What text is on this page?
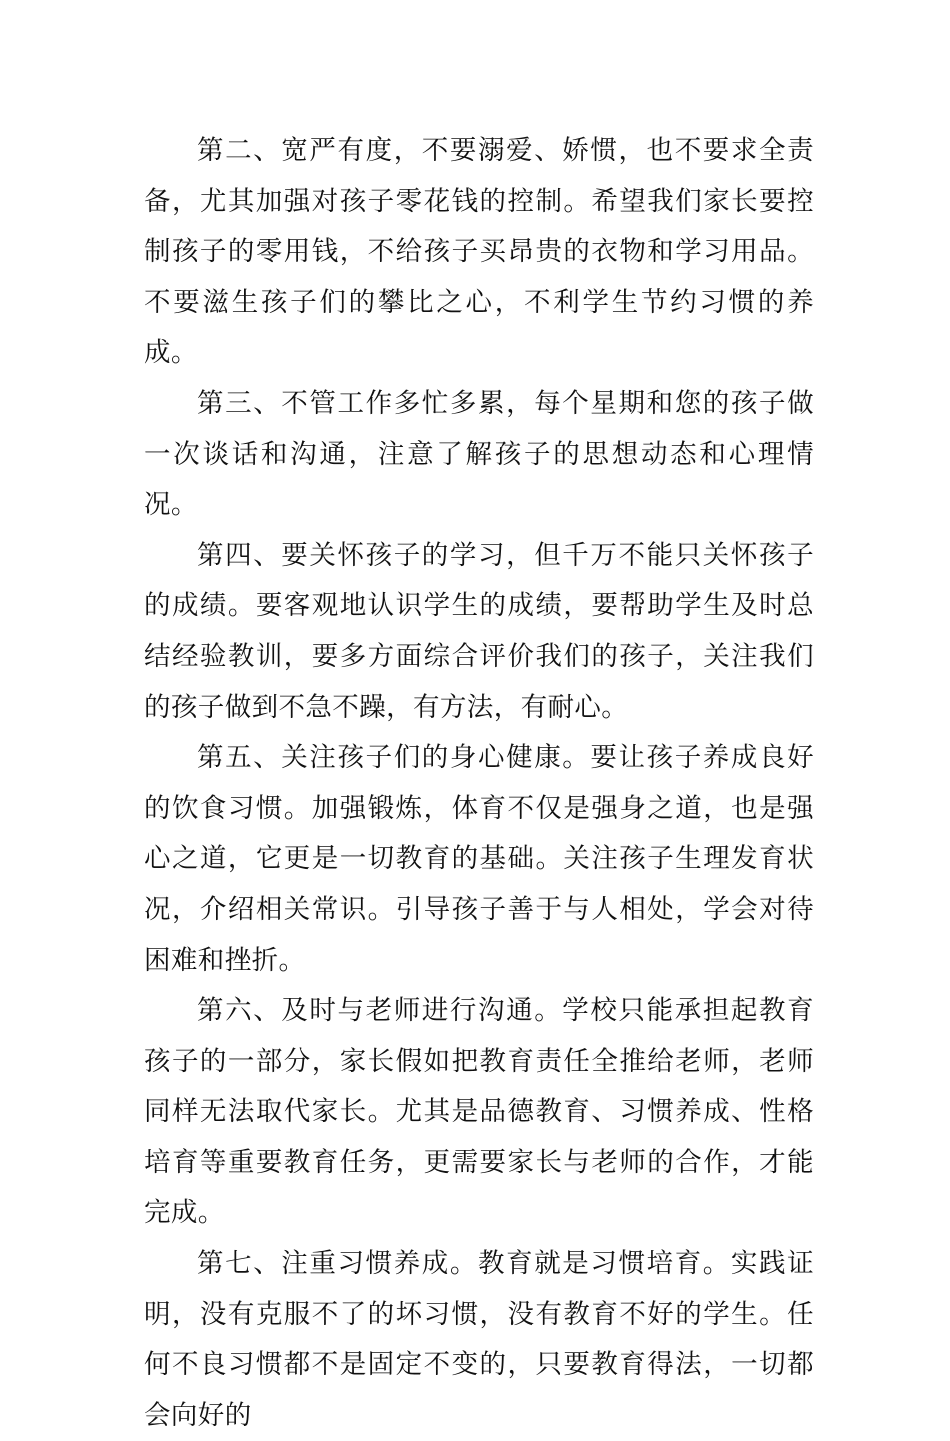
第二、宽严有度，不要溺爱、娇惯，也不要求全责备，尤其加强对孩子零花钱的控制。希望我们家长要控制孩子的零用钱，不给孩子买昂贵的衣物和学习用品。不要滋生孩子们的攀比之心，不利学生节约习惯的养成。

第三、不管工作多忙多累，每个星期和您的孩子做一次谈话和沟通，注意了解孩子的思想动态和心理情况。

第四、要关怀孩子的学习，但千万不能只关怀孩子的成绩。要客观地认识学生的成绩，要帮助学生及时总结经验教训，要多方面综合评价我们的孩子，关注我们的孩子做到不急不躁，有方法，有耐心。

第五、关注孩子们的身心健康。要让孩子养成良好的饮食习惯。加强锻炼，体育不仅是强身之道，也是强心之道，它更是一切教育的基础。关注孩子生理发育状况，介绍相关常识。引导孩子善于与人相处，学会对待困难和挫折。

第六、及时与老师进行沟通。学校只能承担起教育孩子的一部分，家长假如把教育责任全推给老师，老师同样无法取代家长。尤其是品德教育、习惯养成、性格培育等重要教育任务，更需要家长与老师的合作，才能完成。

第七、注重习惯养成。教育就是习惯培育。实践证明，没有克服不了的坏习惯，没有教育不好的学生。任何不良习惯都不是固定不变的，只要教育得法，一切都会向好的
